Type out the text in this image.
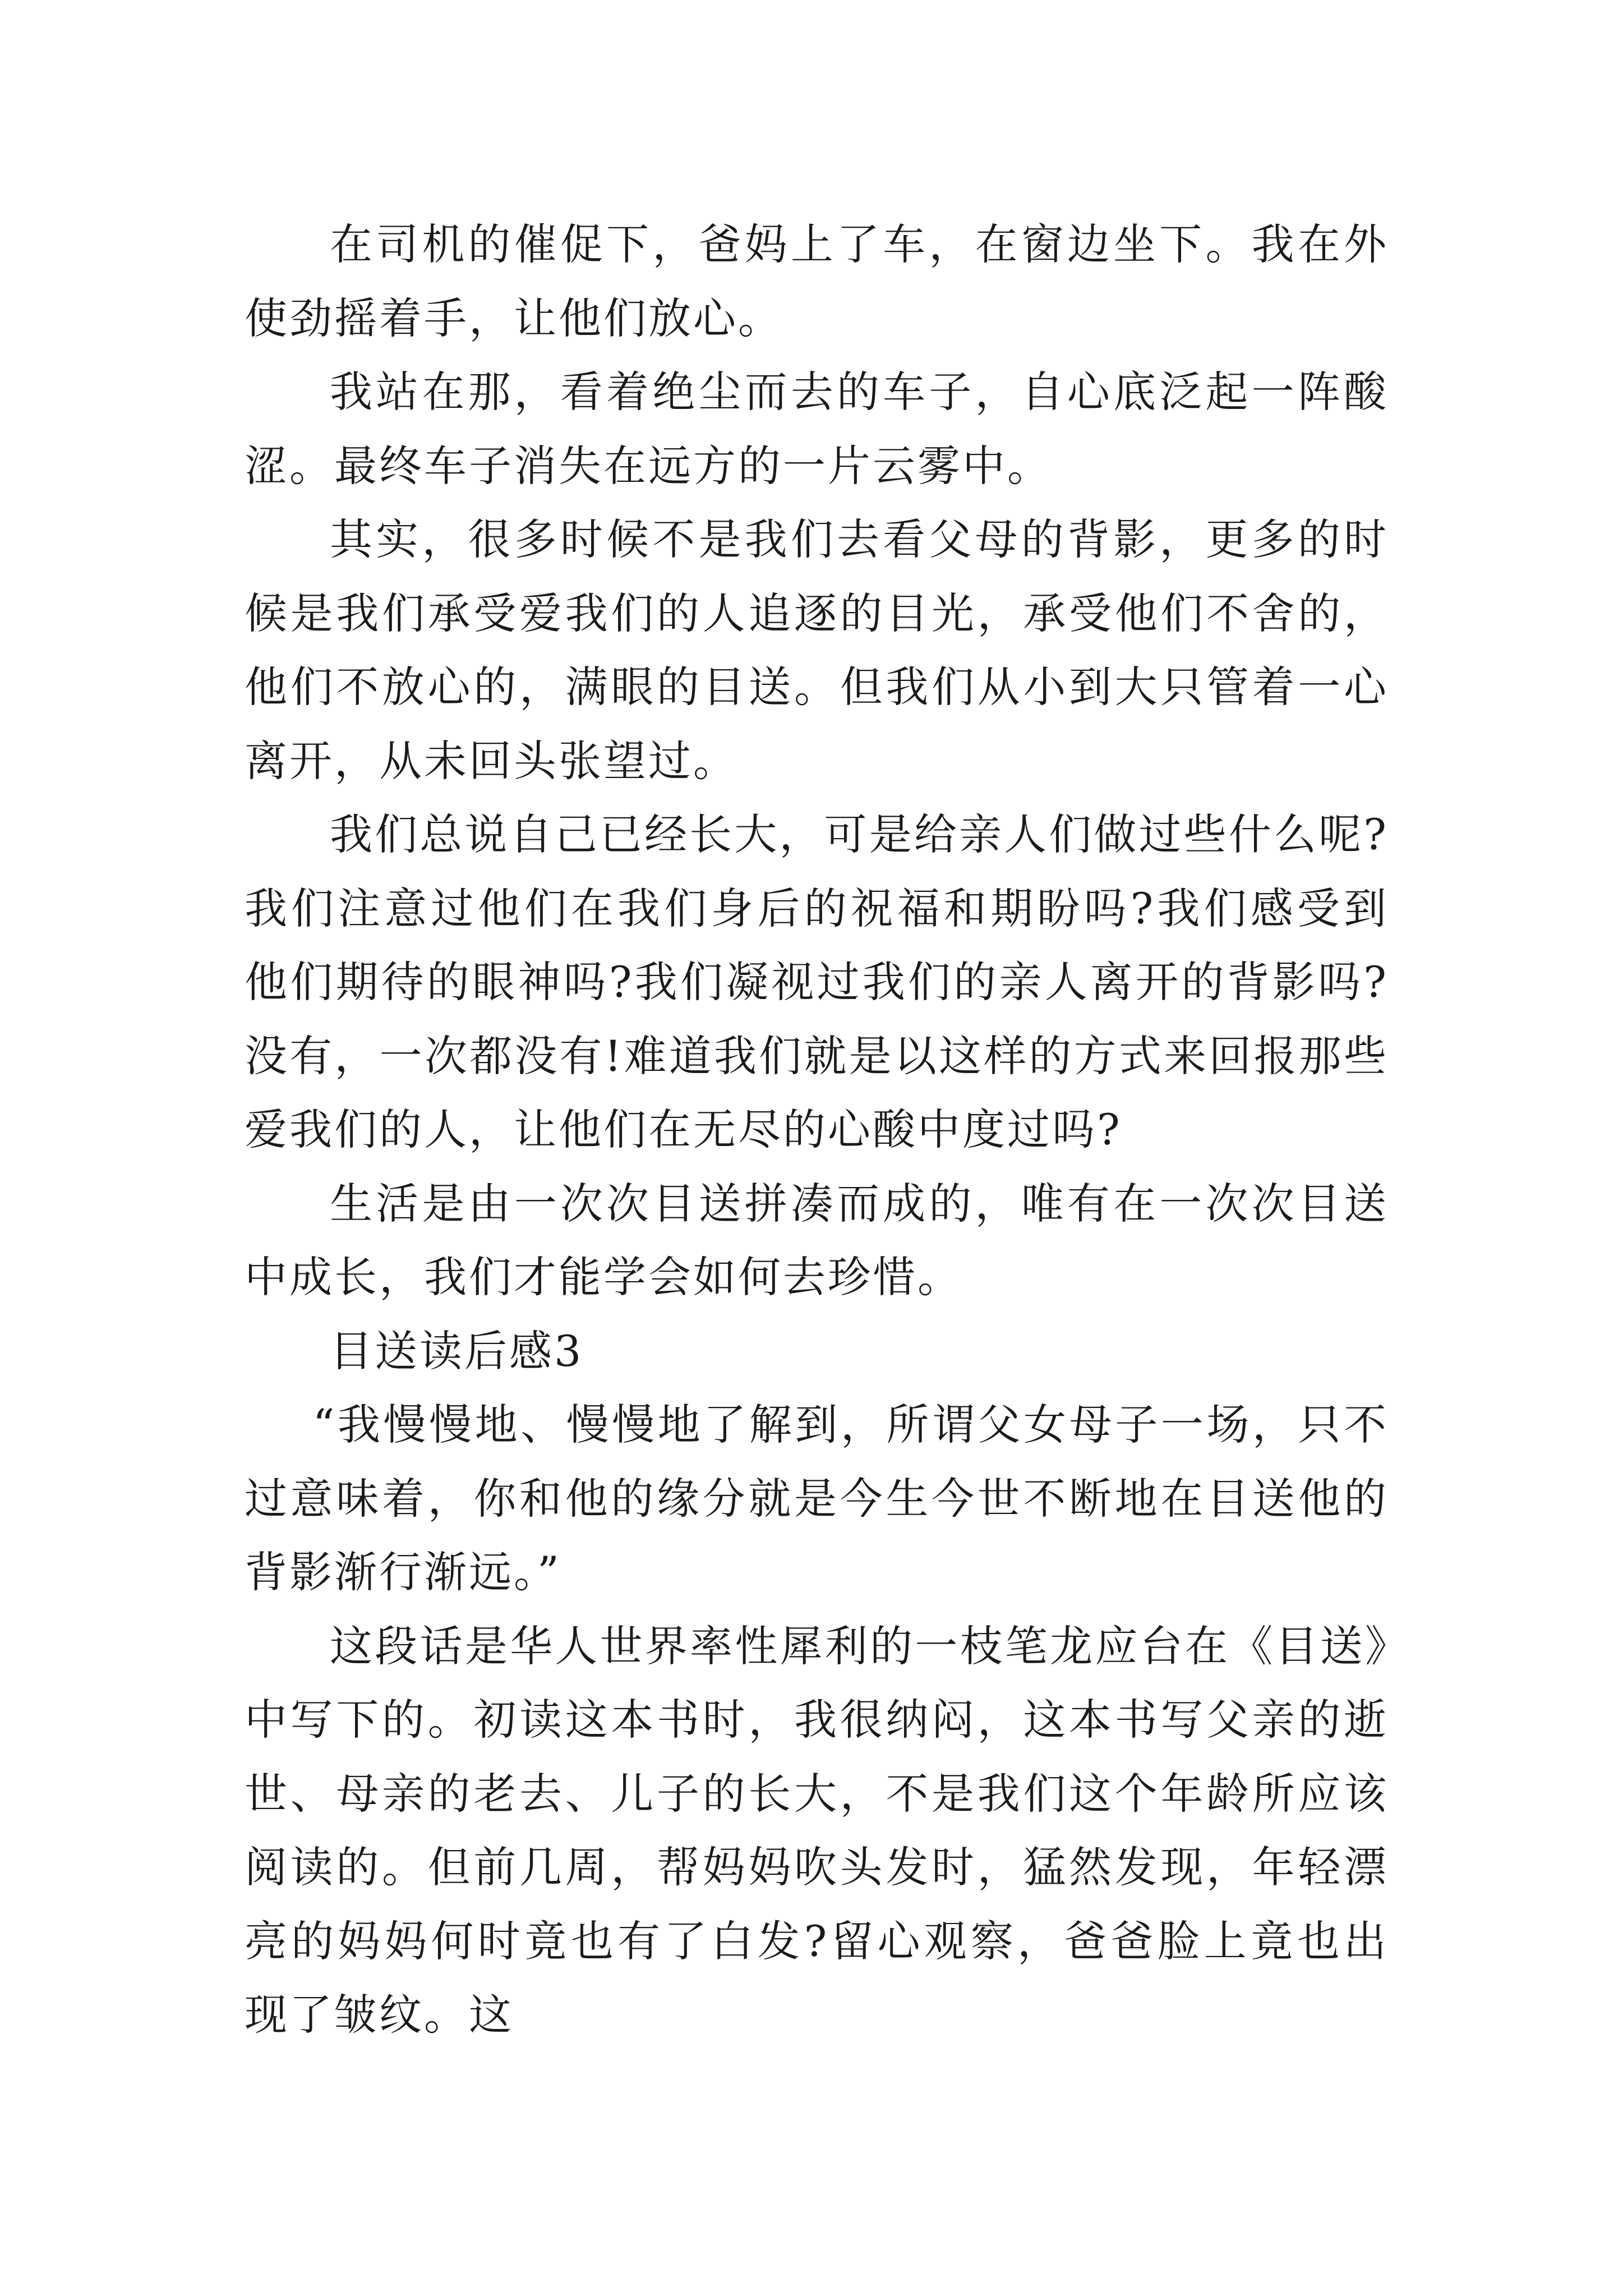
在司机的催促下，爸妈上了车，在窗边坐下。我在外使劲摇着手，让他们放心。

我站在那，看着绝尘而去的车子，自心底泛起一阵酸涩。最终车子消失在远方的一片云雾中。

其实，很多时候不是我们去看父母的背影，更多的时候是我们承受爱我们的人追逐的目光，承受他们不舍的，他们不放心的，满眼的目送。但我们从小到大只管着一心离开，从未回头张望过。

我们总说自己已经长大，可是给亲人们做过些什么呢?我们注意过他们在我们身后的祝福和期盼吗?我们感受到他们期待的眼神吗?我们凝视过我们的亲人离开的背影吗?没有，一次都没有!难道我们就是以这样的方式来回报那些爱我们的人，让他们在无尽的心酸中度过吗?

生活是由一次次目送拼凑而成的，唯有在一次次目送中成长，我们才能学会如何去珍惜。

目送读后感3

“我慢慢地、慢慢地了解到，所谓父女母子一场，只不过意味着，你和他的缘分就是今生今世不断地在目送他的背影渐行渐远。”

这段话是华人世界率性犀利的一枝笔龙应台在《目送》中写下的。初读这本书时，我很纳闷，这本书写父亲的逝世、母亲的老去、儿子的长大，不是我们这个年龄所应该阅读的。但前几周，帮妈妈吹头发时，猛然发现，年轻漂亮的妈妈何时竟也有了白发?留心观察，爸爸脸上竟也出现了皱纹。这
